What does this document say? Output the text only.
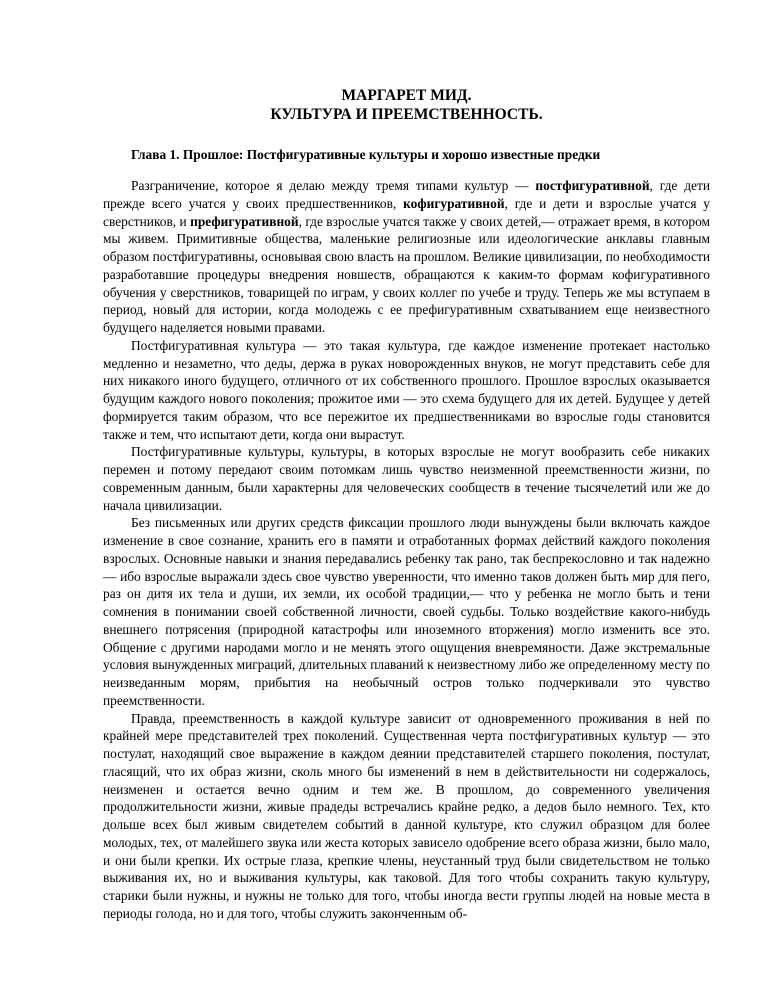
МАРГАРЕТ МИД.
КУЛЬТУРА И ПРЕЕМСТВЕННОСТЬ.
Глава 1. Прошлое: Постфигуративные культуры и хорошо известные предки

Разграничение, которое я делаю между тремя типами культур — постфигуративной, где дети прежде всего учатся у своих предшественников, кофигуративной, где и дети и взрослые учатся у сверстников, и префигуративной, где взрослые учатся также у своих детей,— отражает время, в котором мы живем. Примитивные общества, маленькие религиозные или идеологические анклавы главным образом постфигуративны, основывая свою власть на прошлом. Великие цивилизации, по необходимости разработавшие процедуры внедрения новшеств, обращаются к каким-то формам кофигуративного обучения у сверстников, товарищей по играм, у своих коллег по учебе и труду. Теперь же мы вступаем в период, новый для истории, когда молодежь с ее префигуративным схватыванием еще неизвестного будущего наделяется новыми правами.

Постфигуративная культура — это такая культура, где каждое изменение протекает настолько медленно и незаметно, что деды, держа в руках новорожденных внуков, не могут представить себе для них никакого иного будущего, отличного от их собственного прошлого. Прошлое взрослых оказывается будущим каждого нового поколения; прожитое ими — это схема будущего для их детей. Будущее у детей формируется таким образом, что все пережитое их предшественниками во взрослые годы становится также и тем, что испытают дети, когда они вырастут.

Постфигуративные культуры, культуры, в которых взрослые не могут вообразить себе никаких перемен и потому передают своим потомкам лишь чувство неизменной преемственности жизни, по современным данным, были характерны для человеческих сообществ в течение тысячелетий или же до начала цивилизации.

Без письменных или других средств фиксации прошлого люди вынуждены были включать каждое изменение в свое сознание, хранить его в памяти и отработанных формах действий каждого поколения взрослых. Основные навыки и знания передавались ребенку так рано, так беспрекословно и так надежно — ибо взрослые выражали здесь свое чувство уверенности, что именно таков должен быть мир для пего, раз он дитя их тела и души, их земли, их особой традиции,— что у ребенка не могло быть и тени сомнения в понимании своей собственной личности, своей судьбы. Только воздействие какого-нибудь внешнего потрясения (природной катастрофы или иноземного вторжения) могло изменить все это. Общение с другими народами могло и не менять этого ощущения вневремяности. Даже экстремальные условия вынужденных миграций, длительных плаваний к неизвестному либо же определенному месту по неизведанным морям, прибытия на необычный остров только подчеркивали это чувство преемственности.

Правда, преемственность в каждой культуре зависит от одновременного проживания в ней по крайней мере представителей трех поколений. Существенная черта постфигуративных культур — это постулат, находящий свое выражение в каждом деянии представителей старшего поколения, постулат, гласящий, что их образ жизни, сколь много бы изменений в нем в действительности ни содержалось, неизменен и остается вечно одним и тем же. В прошлом, до современного увеличения продолжительности жизни, живые прадеды встречались крайне редко, а дедов было немного. Тех, кто дольше всех был живым свидетелем событий в данной культуре, кто служил образцом для более молодых, тех, от малейшего звука или жеста которых зависело одобрение всего образа жизни, было мало, и они были крепки. Их острые глаза, крепкие члены, неустанный труд были свидетельством не только выживания их, но и выживания культуры, как таковой. Для того чтобы сохранить такую культуру, старики были нужны, и нужны не только для того, чтобы иногда вести группы людей на новые места в периоды голода, но и для того, чтобы служить законченным об-
